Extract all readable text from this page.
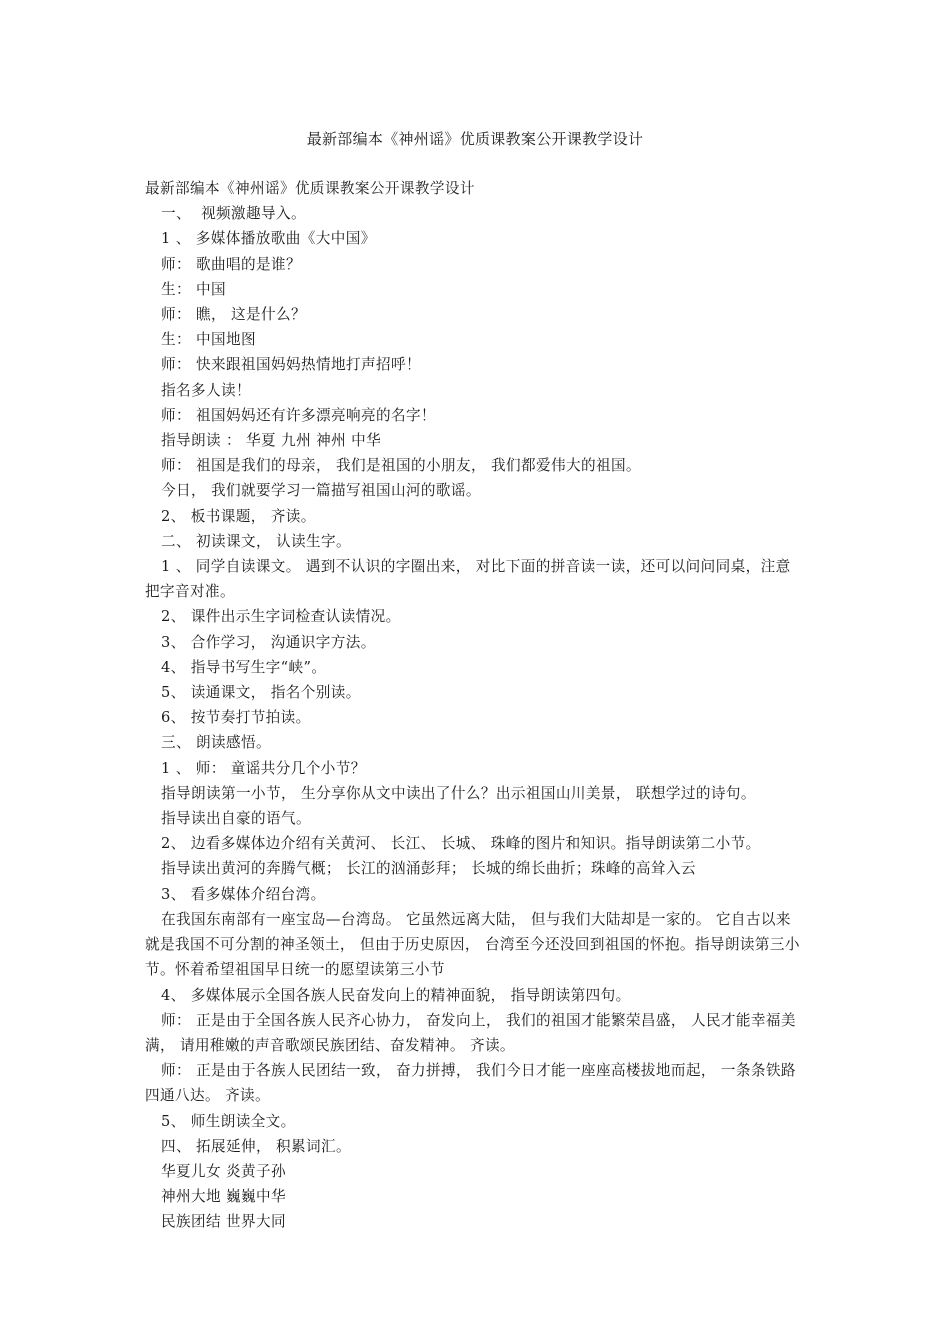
最新部编本《神州谣》优质课教案公开课教学设计

最新部编本《神州谣》优质课教案公开课教学设计

一、  视频激趣导入。

1 、 多媒体播放歌曲《大中国》

师： 歌曲唱的是谁？

生： 中国

师： 瞧， 这是什么？

生： 中国地图

师： 快来跟祖国妈妈热情地打声招呼！

指名多人读！

师： 祖国妈妈还有许多漂亮响亮的名字！

指导朗读 ： 华夏 九州 神州 中华

师： 祖国是我们的母亲， 我们是祖国的小朋友， 我们都爱伟大的祖国。

今日， 我们就要学习一篇描写祖国山河的歌谣。

2、 板书课题， 齐读。

二、 初读课文， 认读生字。

1 、 同学自读课文。 遇到不认识的字圈出来， 对比下面的拼音读一读，还可以问问同桌，注意把字音对准。

2、 课件出示生字词检查认读情况。

3、 合作学习， 沟通识字方法。

4、 指导书写生字“峡”。

5、 读通课文， 指名个别读。

6、 按节奏打节拍读。

三、 朗读感悟。

1 、 师： 童谣共分几个小节？

指导朗读第一小节， 生分享你从文中读出了什么？出示祖国山川美景， 联想学过的诗句。

指导读出自豪的语气。

2、 边看多媒体边介绍有关黄河、 长江、 长城、 珠峰的图片和知识。指导朗读第二小节。

指导读出黄河的奔腾气概； 长江的汹涌彭拜； 长城的绵长曲折；珠峰的高耸入云

3、 看多媒体介绍台湾。

在我国东南部有一座宝岛—台湾岛。 它虽然远离大陆， 但与我们大陆却是一家的。 它自古以来就是我国不可分割的神圣领土， 但由于历史原因， 台湾至今还没回到祖国的怀抱。指导朗读第三小节。怀着希望祖国早日统一的愿望读第三小节

4、 多媒体展示全国各族人民奋发向上的精神面貌， 指导朗读第四句。

师： 正是由于全国各族人民齐心协力， 奋发向上， 我们的祖国才能繁荣昌盛， 人民才能幸福美满， 请用稚嫩的声音歌颂民族团结、奋发精神。 齐读。

师： 正是由于各族人民团结一致， 奋力拼搏， 我们今日才能一座座高楼拔地而起， 一条条铁路四通八达。 齐读。

5、 师生朗读全文。

四、 拓展延伸， 积累词汇。

华夏儿女 炎黄子孙

神州大地 巍巍中华

民族团结 世界大同
